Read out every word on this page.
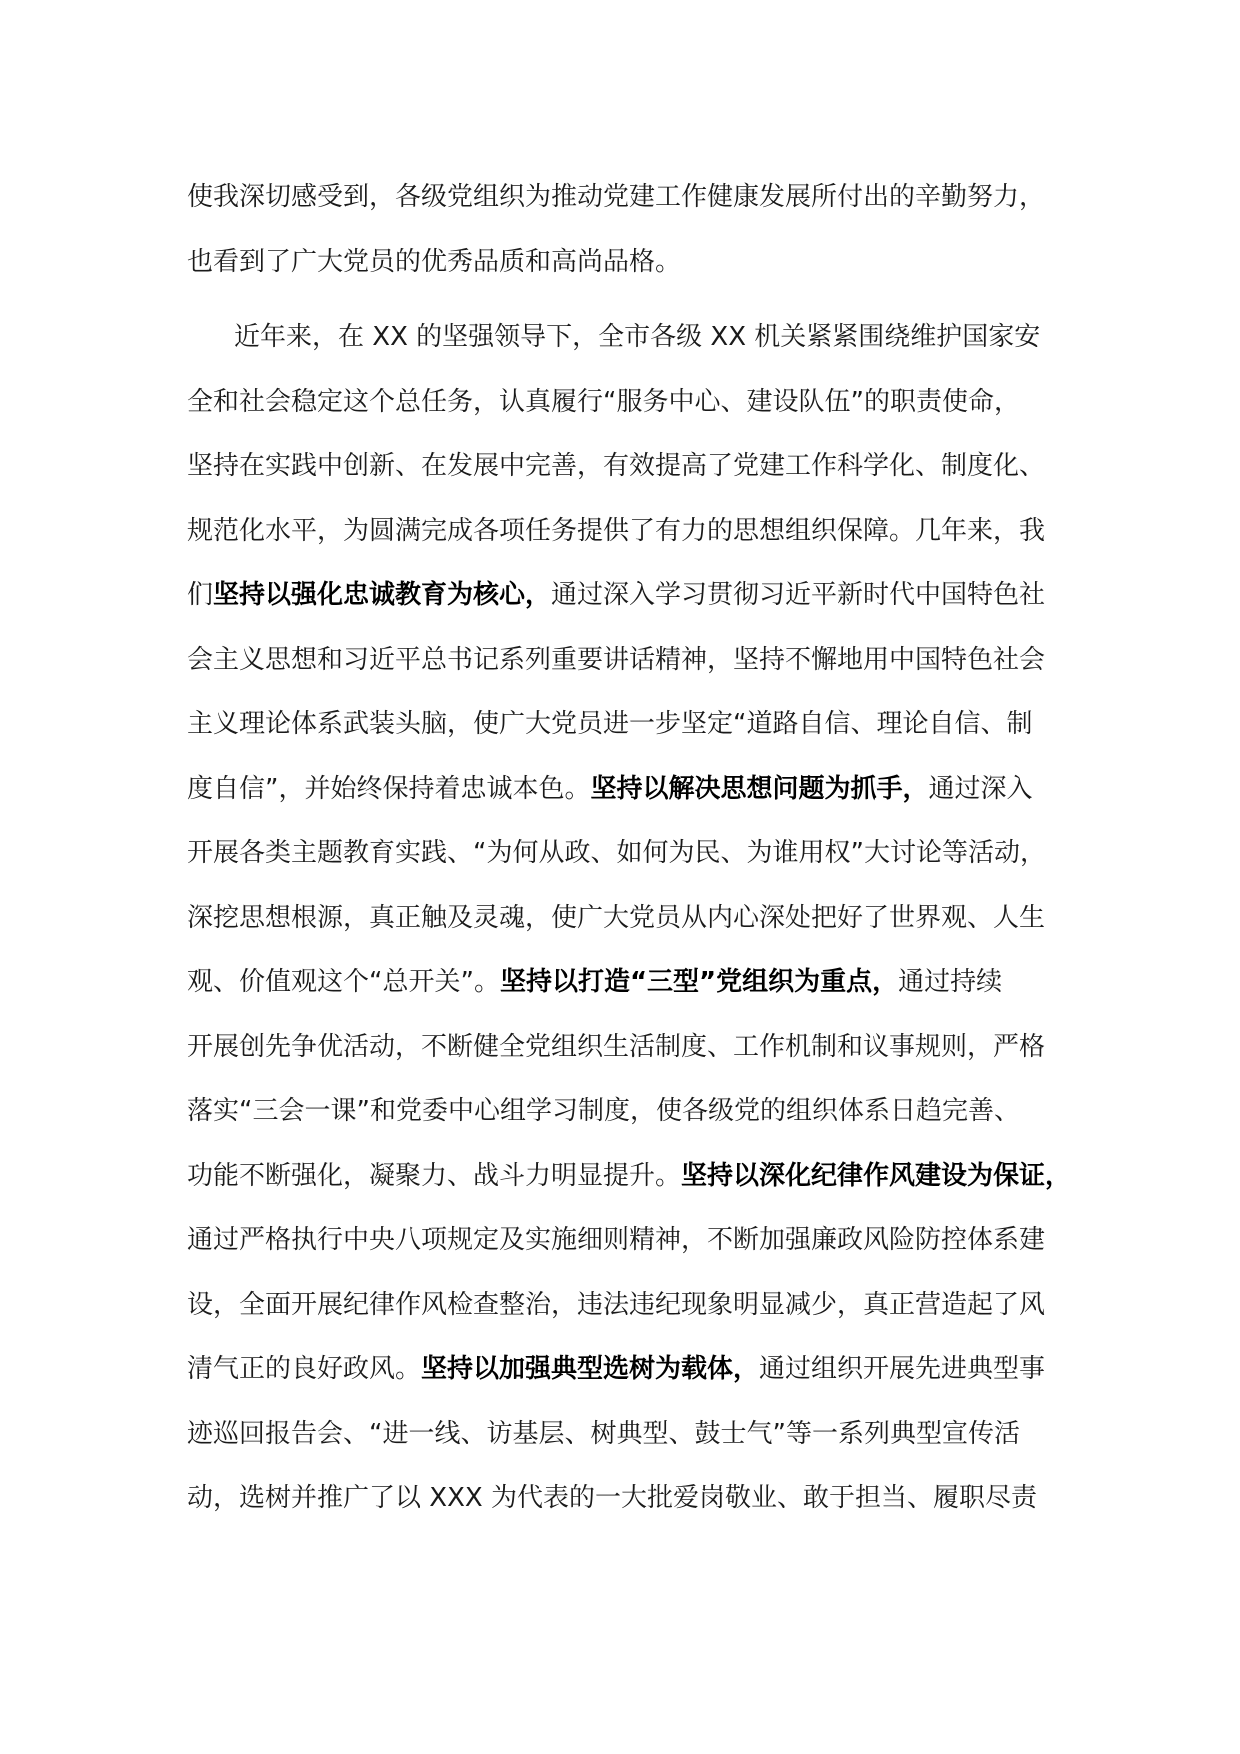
使我深切感受到，各级党组织为推动党建工作健康发展所付出的辛勤努力，
也看到了广大党员的优秀品质和高尚品格。
近年来，在 XX 的坚强领导下，全市各级 XX 机关紧紧围绕维护国家安
全和社会稳定这个总任务，认真履行“服务中心、建设队伍”的职责使命，
坚持在实践中创新、在发展中完善，有效提高了党建工作科学化、制度化、
规范化水平，为圆满完成各项任务提供了有力的思想组织保障。几年来，我
们坚持以强化忠诚教育为核心，通过深入学习贯彻习近平新时代中国特色社
会主义思想和习近平总书记系列重要讲话精神，坚持不懈地用中国特色社会
主义理论体系武装头脑，使广大党员进一步坚定“道路自信、理论自信、制
度自信”，并始终保持着忠诚本色。坚持以解决思想问题为抓手，通过深入
开展各类主题教育实践、“为何从政、如何为民、为谁用权”大讨论等活动，
深挖思想根源，真正触及灵魂，使广大党员从内心深处把好了世界观、人生
观、价值观这个“总开关”。坚持以打造“三型”党组织为重点，通过持续
开展创先争优活动，不断健全党组织生活制度、工作机制和议事规则，严格
落实“三会一课”和党委中心组学习制度，使各级党的组织体系日趋完善、
功能不断强化，凝聚力、战斗力明显提升。坚持以深化纪律作风建设为保证，
通过严格执行中央八项规定及实施细则精神，不断加强廉政风险防控体系建
设，全面开展纪律作风检查整治，违法违纪现象明显减少，真正营造起了风
清气正的良好政风。坚持以加强典型选树为载体，通过组织开展先进典型事
迹巡回报告会、“进一线、访基层、树典型、鼓士气”等一系列典型宣传活
动，选树并推广了以 XXX 为代表的一大批爱岗敬业、敢于担当、履职尽责
